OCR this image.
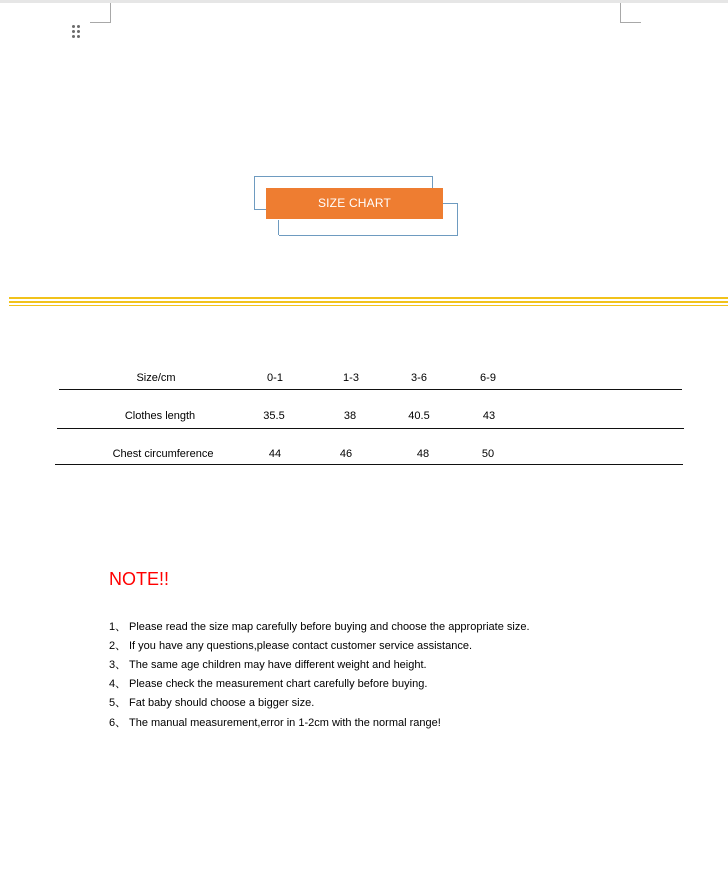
SIZE CHART
Size/cm	0-1	1-3	3-6	6-9
Clothes length	35.5	38	40.5	43
Chest circumference	44	46	48	50
NOTE!!
1、 Please read the size map carefully before buying and choose the appropriate size.
2、 If you have any questions,please contact customer service assistance.
3、 The same age children may have different weight and height.
4、 Please check the measurement chart carefully before buying.
5、 Fat baby should choose a bigger size.
6、 The manual measurement,error in 1-2cm with the normal range!
